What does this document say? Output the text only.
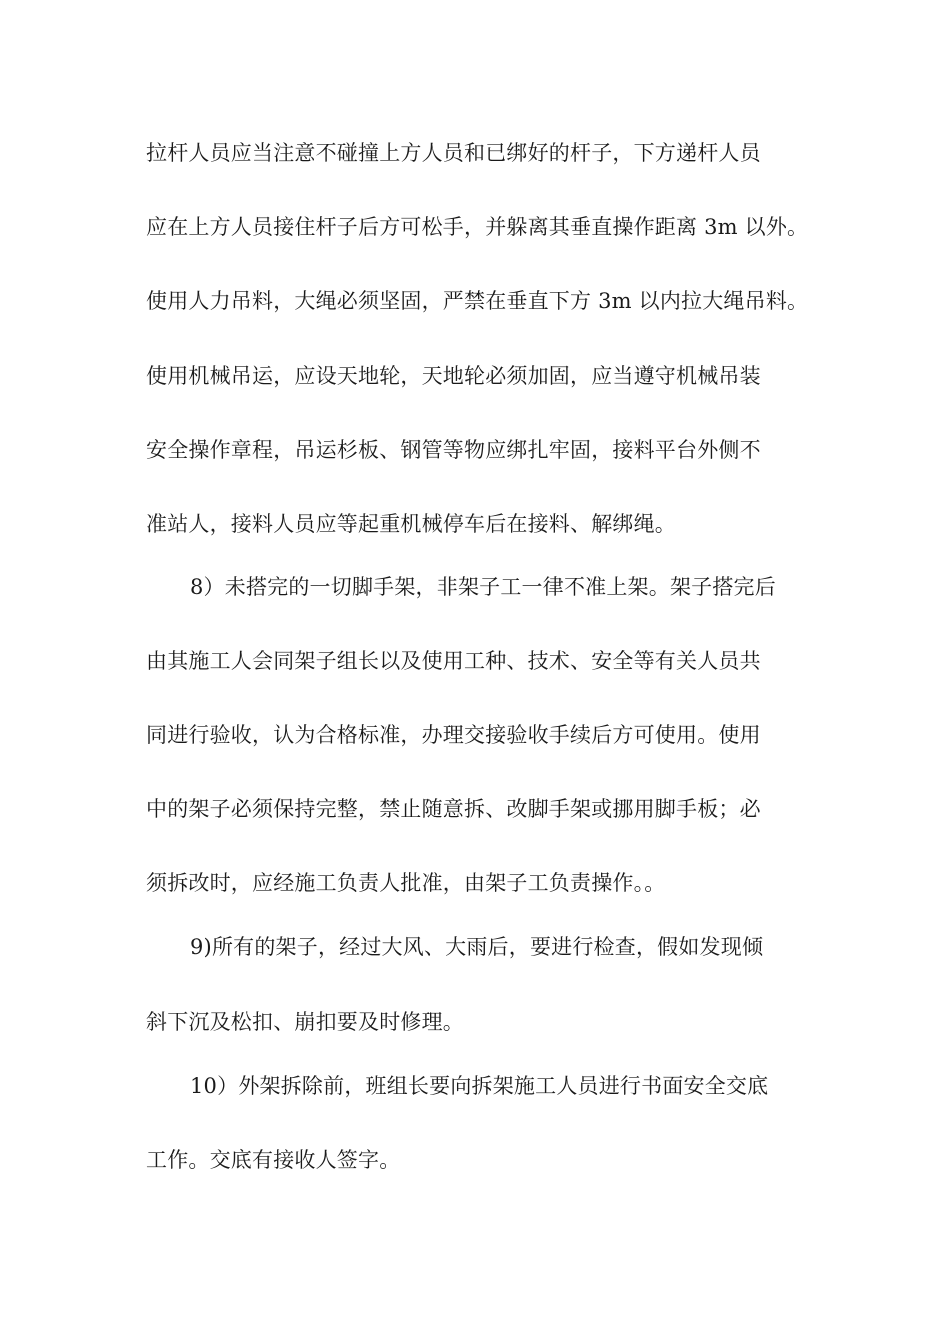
拉杆人员应当注意不碰撞上方人员和已绑好的杆子，下方递杆人员
应在上方人员接住杆子后方可松手，并躲离其垂直操作距离 3m 以外。
使用人力吊料，大绳必须坚固，严禁在垂直下方 3m 以内拉大绳吊料。
使用机械吊运，应设天地轮，天地轮必须加固，应当遵守机械吊装
安全操作章程，吊运杉板、钢管等物应绑扎牢固，接料平台外侧不
准站人，接料人员应等起重机械停车后在接料、解绑绳。
8）未搭完的一切脚手架，非架子工一律不准上架。架子搭完后
由其施工人会同架子组长以及使用工种、技术、安全等有关人员共
同进行验收，认为合格标准，办理交接验收手续后方可使用。使用
中的架子必须保持完整，禁止随意拆、改脚手架或挪用脚手板；必
须拆改时，应经施工负责人批准，由架子工负责操作。。
9)所有的架子，经过大风、大雨后，要进行检查，假如发现倾
斜下沉及松扣、崩扣要及时修理。
10）外架拆除前，班组长要向拆架施工人员进行书面安全交底
工作。交底有接收人签字。
